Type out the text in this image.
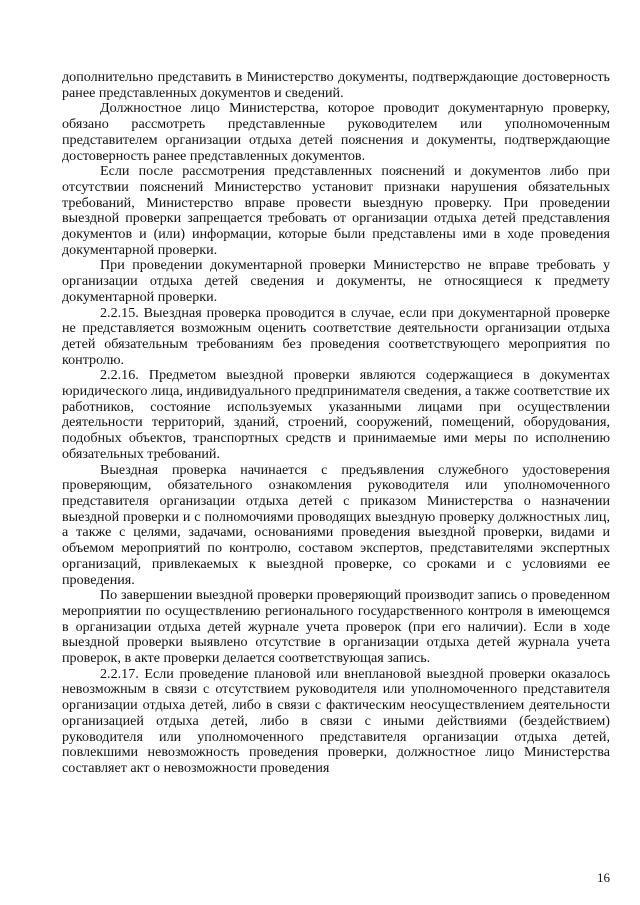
дополнительно представить в Министерство документы, подтверждающие достоверность ранее представленных документов и сведений.

Должностное лицо Министерства, которое проводит документарную проверку, обязано рассмотреть представленные руководителем или уполномоченным представителем организации отдыха детей пояснения и документы, подтверждающие достоверность ранее представленных документов.

Если после рассмотрения представленных пояснений и документов либо при отсутствии пояснений Министерство установит признаки нарушения обязательных требований, Министерство вправе провести выездную проверку. При проведении выездной проверки запрещается требовать от организации отдыха детей представления документов и (или) информации, которые были представлены ими в ходе проведения документарной проверки.

При проведении документарной проверки Министерство не вправе требовать у организации отдыха детей сведения и документы, не относящиеся к предмету документарной проверки.

2.2.15. Выездная проверка проводится в случае, если при документарной проверке не представляется возможным оценить соответствие деятельности организации отдыха детей обязательным требованиям без проведения соответствующего мероприятия по контролю.

2.2.16. Предметом выездной проверки являются содержащиеся в документах юридического лица, индивидуального предпринимателя сведения, а также соответствие их работников, состояние используемых указанными лицами при осуществлении деятельности территорий, зданий, строений, сооружений, помещений, оборудования, подобных объектов, транспортных средств и принимаемые ими меры по исполнению обязательных требований.

Выездная проверка начинается с предъявления служебного удостоверения проверяющим, обязательного ознакомления руководителя или уполномоченного представителя организации отдыха детей с приказом Министерства о назначении выездной проверки и с полномочиями проводящих выездную проверку должностных лиц, а также с целями, задачами, основаниями проведения выездной проверки, видами и объемом мероприятий по контролю, составом экспертов, представителями экспертных организаций, привлекаемых к выездной проверке, со сроками и с условиями ее проведения.

По завершении выездной проверки проверяющий производит запись о проведенном мероприятии по осуществлению регионального государственного контроля в имеющемся в организации отдыха детей журнале учета проверок (при его наличии). Если в ходе выездной проверки выявлено отсутствие в организации отдыха детей журнала учета проверок, в акте проверки делается соответствующая запись.

2.2.17. Если проведение плановой или внеплановой выездной проверки оказалось невозможным в связи с отсутствием руководителя или уполномоченного представителя организации отдыха детей, либо в связи с фактическим неосуществлением деятельности организацией отдыха детей, либо в связи с иными действиями (бездействием) руководителя или уполномоченного представителя организации отдыха детей, повлекшими невозможность проведения проверки, должностное лицо Министерства составляет акт о невозможности проведения

16
